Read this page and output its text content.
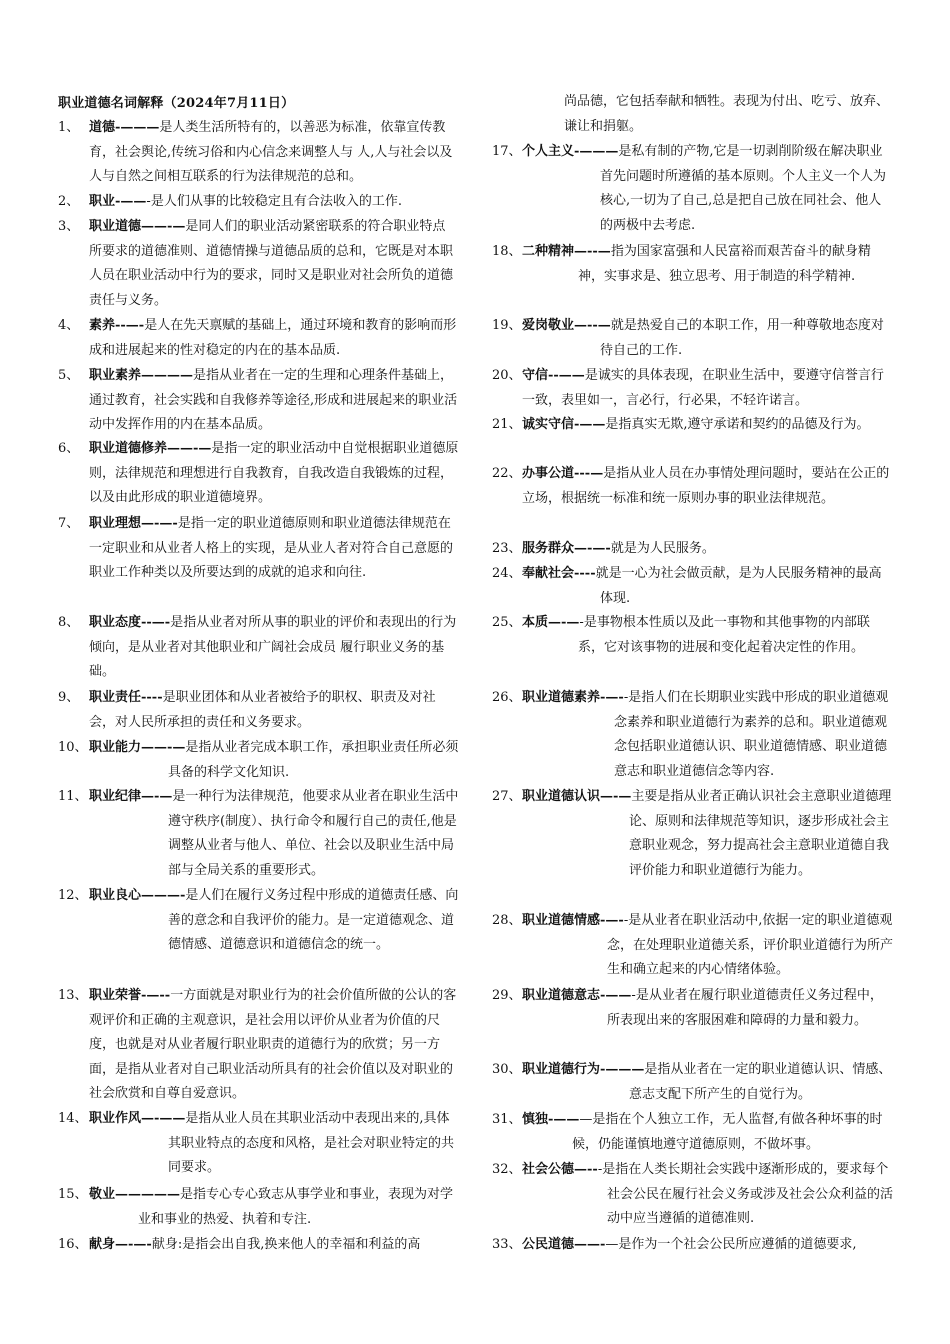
职业道德名词解释（2024年7月11日）
1、 道德-———是人类生活所特有的，以善恶为标准，依靠宣传教育，社会舆论,传统习俗和内心信念来调整人与 人,人与社会以及人与自然之间相互联系的行为法律规范的总和。
2、 职业-——-是人们从事的比较稳定且有合法收入的工作.
3、 职业道德——-—是同人们的职业活动紧密联系的符合职业特点 所要求的道德准则、道德情操与道德品质的总和，它既是对本职人员在职业活动中行为的要求，同时又是职业对社会所负的道德责任与义务。
4、 素养--—-是人在先天禀赋的基础上，通过环境和教育的影响而形成和进展起来的性对稳定的内在的基本品质.
5、 职业素养————是指从业者在一定的生理和心理条件基础上，通过教育，社会实践和自我修养等途径,形成和进展起来的职业活动中发挥作用的内在基本品质。
6、 职业道德修养——-—是指一定的职业活动中自觉根据职业道德原则，法律规范和理想进行自我教育，自我改造自我锻炼的过程，以及由此形成的职业道德境界。
7、 职业理想—-—-是指一定的职业道德原则和职业道德法律规范在一定职业和从业者人格上的实现，是从业人者对符合自己意愿的职业工作种类以及所要达到的成就的追求和向往.
8、 职业态度--—-是指从业者对所从事的职业的评价和表现出的行为倾向，是从业者对其他职业和广阔社会成员 履行职业义务的基础。
9、 职业责任----是职业团体和从业者被给予的职权、职责及对社会，对人民所承担的责任和义务要求。
10、 职业能力——-—是指从业者完成本职工作，承担职业责任所必须具备的科学文化知识.
11、 职业纪律—-—是一种行为法律规范，他要求从业者在职业生活中遵守秩序(制度）、执行命令和履行自己的责任,他是调整从业者与他人、单位、社会以及职业生活中局部与全局关系的重要形式。
12、 职业良心———-是人们在履行义务过程中形成的道德责任感、向善的意念和自我评价的能力。是一定道德观念、道德情感、道德意识和道德信念的统一。
13、 职业荣誉-—--一方面就是对职业行为的社会价值所做的公认的客观评价和正确的主观意识，是社会用以评价从业者为价值的尺度，也就是对从业者履行职业职责的道德行为的欣赏；另一方面，是指从业者对自己职业活动所具有的社会价值以及对职业的社会欣赏和自尊自爱意识。
14、 职业作风—-——是指从业人员在其职业活动中表现出来的,具体其职业特点的态度和风格，是社会对职业特定的共同要求。
15、 敬业—————是指专心专心致志从事学业和事业，表现为对学业和事业的热爱、执着和专注.
16、 献身—-—-献身:是指会出自我,换来他人的幸福和利益的高
尚品德，它包括奉献和牺牲。表现为付出、吃亏、放弃、谦让和捐躯。
17、 个人主义-———是私有制的产物,它是一切剥削阶级在解决职业首先问题时所遵循的基本原则。个人主义一个人为核心,一切为了自己,总是把自己放在同社会、他人的两极中去考虑.
18、 二种精神—--—指为国家富强和人民富裕而艰苦奋斗的献身精神，实事求是、独立思考、用于制造的科学精神.
19、 爱岗敬业—--—就是热爱自己的本职工作，用一种尊敬地态度对待自己的工作.
20、 守信--——是诚实的具体表现，在职业生活中，要遵守信誉言行一致，表里如一，言必行，行必果，不轻许诺言。
21、 诚实守信-——是指真实无欺,遵守承诺和契约的品德及行为。
22、 办事公道---—是指从业人员在办事情处理问题时，要站在公正的立场，根据统一标准和统一原则办事的职业法律规范。
23、 服务群众—-—-就是为人民服务。
24、 奉献社会----就是一心为社会做贡献，是为人民服务精神的最高体现.
25、 本质—-—-是事物根本性质以及此一事物和其他事物的内部联系，它对该事物的进展和变化起着决定性的作用。
26、 职业道德素养-—--是指人们在长期职业实践中形成的职业道德观念素养和职业道德行为素养的总和。职业道德观念包括职业道德认识、职业道德情感、职业道德意志和职业道德信念等内容.
27、 职业道德认识—-—主要是指从业者正确认识社会主意职业道德理论、原则和法律规范等知识，逐步形成社会主意职业观念，努力提高社会主意职业道德自我评价能力和职业道德行为能力。
28、 职业道德情感-—--是从业者在职业活动中,依据一定的职业道德观念，在处理职业道德关系，评价职业道德行为所产生和确立起来的内心情绪体验。
29、 职业道德意志-——-是从业者在履行职业道德责任义务过程中，所表现出来的客服困难和障碍的力量和毅力。
30、 职业道德行为-———是指从业者在一定的职业道德认识、情感、意志支配下所产生的自觉行为。
31、 慎独-———是指在个人独立工作，无人监督,有做各种坏事的时候，仍能谨慎地遵守道德原则，不做坏事。
32、 社会公德—---是指在人类长期社会实践中逐渐形成的，要求每个社会公民在履行社会义务或涉及社会公众利益的活动中应当遵循的道德准则.
33、 公民道德——-—是作为一个社会公民所应遵循的道德要求,
